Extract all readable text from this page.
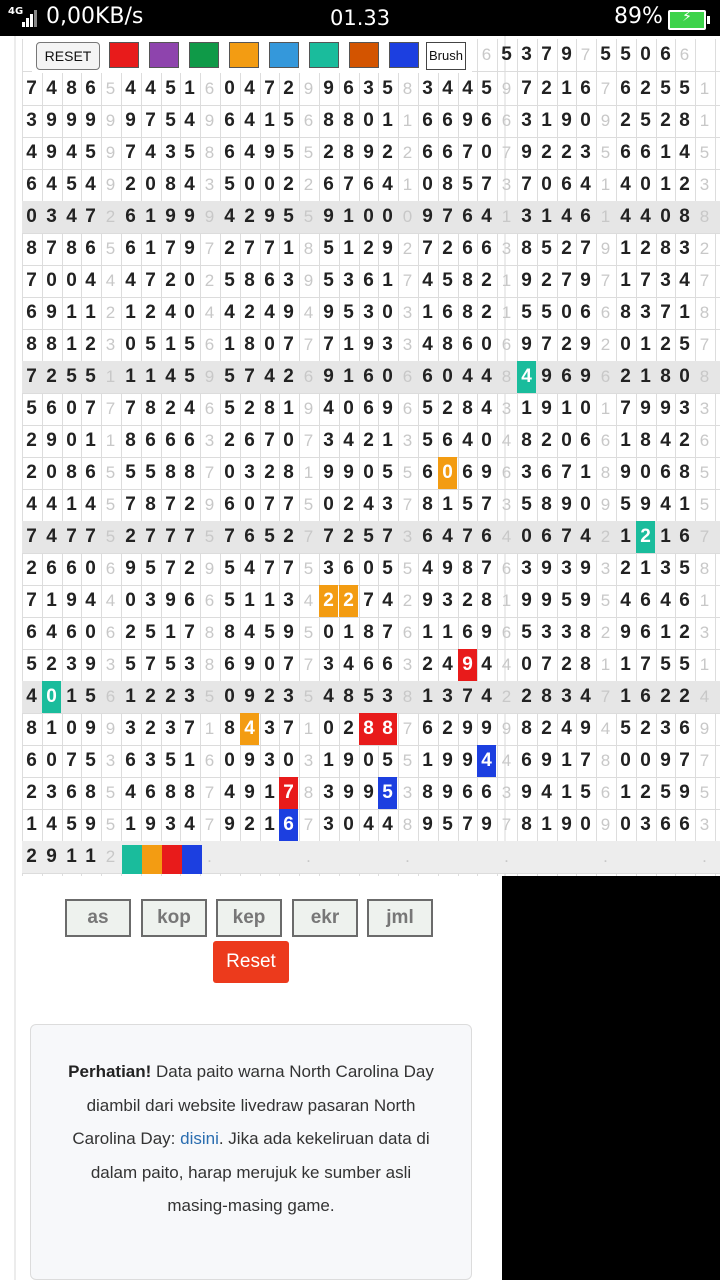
4G 0,00KB/s	01.33	89%	⚡
6 5 3 7 9 7 5 5 0 6 6
7 4 8 6 5 4 4 5 1 6 0 4 7 2 9 9 6 3 5 8 3 4 4 5 9 7 2 1 6 7 6 2 5 5 1
3 9 9 9 9 9 7 5 4 9 6 4 1 5 6 8 8 0 1 1 6 6 9 6 6 3 1 9 0 9 2 5 2 8 1
4 9 4 5 9 7 4 3 5 8 6 4 9 5 5 2 8 9 2 2 6 6 7 0 7 9 2 2 3 5 6 6 1 4 5
6 4 5 4 9 2 0 8 4 3 5 0 0 2 2 6 7 6 4 1 0 8 5 7 3 7 0 6 4 1 4 0 1 2 3
0 3 4 7 2 6 1 9 9 9 4 2 9 5 5 9 1 0 0 0 9 7 6 4 1 3 1 4 6 1 4 4 0 8 8
8 7 8 6 5 6 1 7 9 7 2 7 7 1 8 5 1 2 9 2 7 2 6 6 3 8 5 2 7 9 1 2 8 3 2
7 0 0 4 4 4 7 2 0 2 5 8 6 3 9 5 3 6 1 7 4 5 8 2 1 9 2 7 9 7 1 7 3 4 7
6 9 1 1 2 1 2 4 0 4 4 2 4 9 4 9 5 3 0 3 1 6 8 2 1 5 5 0 6 6 8 3 7 1 8
8 8 1 2 3 0 5 1 5 6 1 8 0 7 7 7 1 9 3 3 4 8 6 0 6 9 7 2 9 2 0 1 2 5 7
7 2 5 5 1 1 1 4 5 9 5 7 4 2 6 9 1 6 0 6 6 0 4 4 8 4 9 6 9 6 2 1 8 0 8
5 6 0 7 7 7 8 2 4 6 5 2 8 1 9 4 0 6 9 6 5 2 8 4 3 1 9 1 0 1 7 9 9 3 3
2 9 0 1 1 8 6 6 6 3 2 6 7 0 7 3 4 2 1 3 5 6 4 0 4 8 2 0 6 6 1 8 4 2 6
2 0 8 6 5 5 5 8 8 7 0 3 2 8 1 9 9 0 5 5 6 0 6 9 6 3 6 7 1 8 9 0 6 8 5
4 4 1 4 5 7 8 7 2 9 6 0 7 7 5 0 2 4 3 7 8 1 5 7 3 5 8 9 0 9 5 9 4 1 5
7 4 7 7 5 2 7 7 7 5 7 6 5 2 7 7 2 5 7 3 6 4 7 6 4 0 6 7 4 2 1 2 1 6 7
2 6 6 0 6 9 5 7 2 9 5 4 7 7 5 3 6 0 5 5 4 9 8 7 6 3 9 3 9 3 2 1 3 5 8
7 1 9 4 4 0 3 9 6 6 5 1 1 3 4 2 2 7 4 2 9 3 2 8 1 9 9 5 9 5 4 6 4 6 1
6 4 6 0 6 2 5 1 7 8 8 4 5 9 5 0 1 8 7 6 1 1 6 9 6 5 3 3 8 2 9 6 1 2 3
5 2 3 9 3 5 7 5 3 8 6 9 0 7 7 3 4 6 6 3 2 4 9 4 4 0 7 2 8 1 1 7 5 5 1
4 0 1 5 6 1 2 2 3 5 0 9 2 3 5 4 8 5 3 8 1 3 7 4 2 2 8 3 4 7 1 6 2 2 4
8 1 0 9 9 3 2 3 7 1 8 4 3 7 1 0 2 8 8 7 6 2 9 9 9 8 2 4 9 4 5 2 3 6 9
6 0 7 5 3 6 3 5 1 6 0 9 3 0 3 1 9 0 5 5 1 9 9 4 4 6 9 1 7 8 0 0 9 7 7
2 3 6 8 5 4 6 8 8 7 4 9 1 7 8 3 9 9 5 3 8 9 6 6 3 9 4 1 5 6 1 2 5 9 5
1 4 5 9 5 1 9 3 4 7 9 2 1 6 7 3 0 4 4 8 9 5 7 9 7 8 1 9 0 9 0 3 6 6 3
2 9 1 1 2	.	.	.	.	.	.
RESET	Brush
as	kop	kep	ekr	jml
Reset

Perhatian! Data paito warna North Carolina Day diambil dari website livedraw pasaran North Carolina Day: disini. Jika ada kekeliruan data di dalam paito, harap merujuk ke sumber asli masing-masing game.
